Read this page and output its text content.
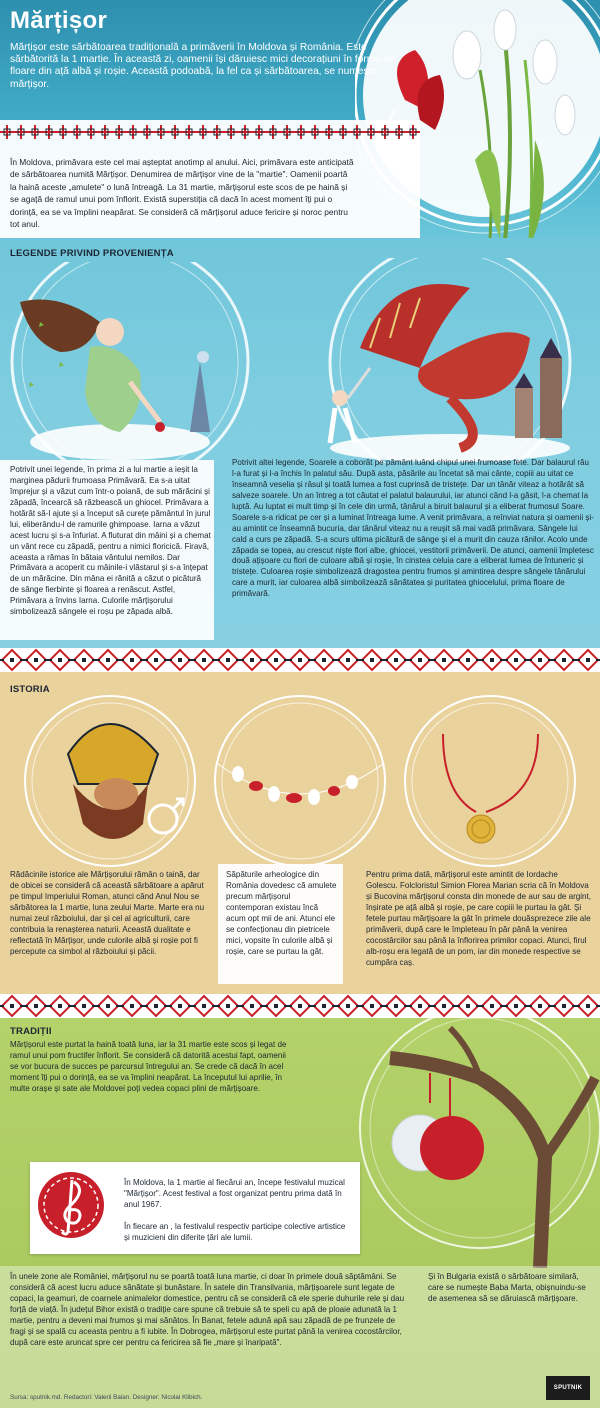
Mărțișor
Mărțișor este sărbătoarea tradițională a primăverii în Moldova și România. Este sărbătorită la 1 martie. În această zi, oamenii își dăruiesc mici decorațiuni în formă de floare din ață albă și roșie. Această podoabă, la fel ca și sărbătoarea, se numește mărțișor.
În Moldova, primăvara este cel mai așteptat anotimp al anului. Aici, primăvara este anticipată de sărbătoarea numită Mărțișor. Denumirea de mărțișor vine de la "martie". Oamenii poartă la haină aceste „amulete" o lună întreagă. La 31 martie, mărțișorul este scos de pe haină și se agață de ramul unui pom înflorit. Există superstiția că dacă în acest moment îți pui o dorință, ea se va împlini neapărat. Se consideră că mărțișorul aduce fericire și noroc pentru tot anul.
LEGENDE PRIVIND PROVENIENȚA
Potrivit unei legende, în prima zi a lui martie a ieșit la marginea pădurii frumoasa Primăvară. Ea s-a uitat împrejur și a văzut cum într-o poiană, de sub mărăcini și zăpadă, încearcă să răzbească un ghiocel. Primăvara a hotărât să-l ajute și a început să curețe pământul în jurul lui, eliberându-l de ramurile ghimpoase. Iarna a văzut acest lucru și s-a înfuriat. A fluturat din mâini și a chemat un vânt rece cu zăpadă, pentru a nimici floricică. Firavă, aceasta a rămas în bătaia vântului nemilos. Dar Primăvara a acoperit cu mâinile-i vlăstarul și s-a înțepat de un mărăcine. Din mâna ei rănită a căzut o picătură de sânge fierbinte și floarea a renăscut. Astfel, Primăvara a învins Iarna. Culorile mărțișorului simbolizează sângele ei roșu pe zăpada albă.
Potrivit altei legende, Soarele a coborât pe pământ luând chipul unei frumoase fete. Dar balaurul rău l-a furat și l-a închis în palatul său. După asta, păsările au încetat să mai cânte, copiii au uitat ce înseamnă veselia și râsul și toată lumea a fost cuprinsă de tristețe. Dar un tânăr viteaz a hotărât să salveze soarele. Un an întreg a tot căutat el palatul balaurului, iar atunci când l-a găsit, l-a chemat la luptă. Au luptat ei mult timp și în cele din urmă, tânărul a biruit balaurul și a eliberat frumosul Soare. Soarele s-a ridicat pe cer și a luminat întreaga lume. A venit primăvara, a reînviat natura și oamenii și-au amintit ce înseamnă bucuria, dar tânărul viteaz nu a reușit să mai vadă primăvara. Sângele lui cald a curs pe zăpadă. S-a scurs ultima picătură de sânge și el a murit din cauza rănilor. Acolo unde zăpada se topea, au crescut niște flori albe, ghiocei, vestitorii primăverii. De atunci, oamenii împletesc două ațișoare cu flori de culoare albă și roșie, în cinstea celuia care a eliberat lumea de întuneric și tristețe. Culoarea roșie simbolizează dragostea pentru frumos și amintirea despre sângele tânărului care a murit, iar culoarea albă simbolizează sănătatea și puritatea ghiocelului, prima floare de primăvară.
ISTORIA
Rădăcinile istorice ale Mărțișorului rămân o taină, dar de obicei se consideră că această sărbătoare a apărut pe timpul Imperiului Roman, atunci când Anul Nou se sărbătorea la 1 martie, luna zeului Marte. Marte era nu numai zeul războiului, dar și cel al agriculturii, care contribuia la renașterea naturii. Această dualitate e reflectată în Mărțișor, unde culorile albă și roșie pot fi percepute ca simbol al războiului și păcii.
Săpăturile arheologice din România dovedesc că amulete precum mărțișorul contemporan existau încă acum opt mii de ani. Atunci ele se confecționau din pietricele mici, vopsite în culorile albă și roșie, care se purtau la gât.
Pentru prima dată, mărțișorul este amintit de Iordache Golescu. Folcloristul Simion Florea Marian scria că în Moldova și Bucovina mărțișorul consta din monede de aur sau de argint, înșirate pe ață albă și roșie, pe care copiii le purtau la gât. Și fetele purtau mărțișoare la gât în primele douăsprezece zile ale primăverii, după care le împleteau în păr până la venirea cocostârcilor sau până la înflorirea primilor copaci. Atunci, firul alb-roșu era legată de un pom, iar din monede respective se cumpăra caș.
TRADIȚII
Mărțișorul este purtat la haină toată luna, iar la 31 martie este scos și legat de ramul unui pom fructifer înflorit. Se consideră că datorită acestui fapt, oamenii se vor bucura de succes pe parcursul întregului an. Se crede că dacă în acel moment îți pui o dorință, ea se va împlini neapărat. La începutul lui aprilie, în multe orașe și sate ale Moldovei poți vedea copaci plini de mărțișoare.
În Moldova, la 1 martie al fiecărui an, începe festivalul muzical "Mărțișor". Acest festival a fost organizat pentru prima dată în anul 1967.
În fiecare an , la festivalul respectiv participe colective artistice și muzicieni din diferite țări ale lumii.
În unele zone ale României, mărțișorul nu se poartă toată luna martie, ci doar în primele două săptămâni. Se consideră că acest lucru aduce sănătate și bunăstare. În satele din Transilvania, mărțișoarele sunt legate de copaci, la geamuri, de coarnele animalelor domestice, pentru că se consideră că ele sperie duhurile rele și dau forță de viață. În județul Bihor există o tradiție care spune că trebuie să te speli cu apă de ploaie adunată la 1 martie, pentru a deveni mai frumos și mai sănătos. În Banat, fetele adună apă sau zăpadă de pe frunzele de fragi și se spală cu aceasta pentru a fi iubite. În Dobrogea, mărțișorul este purtat până la venirea cocostârcilor, după care este aruncat spre cer pentru ca fericirea să fie „mare și înaripată".
Și în Bulgaria există o sărbătoare similară, care se numește Baba Marta, obișnuindu-se de asemenea să se dăruiască mărțișoare.
Sursa: sputnik.md. Redactori: Valerii Balan. Designer: Nicolai Klibich.
SPUTNIK
